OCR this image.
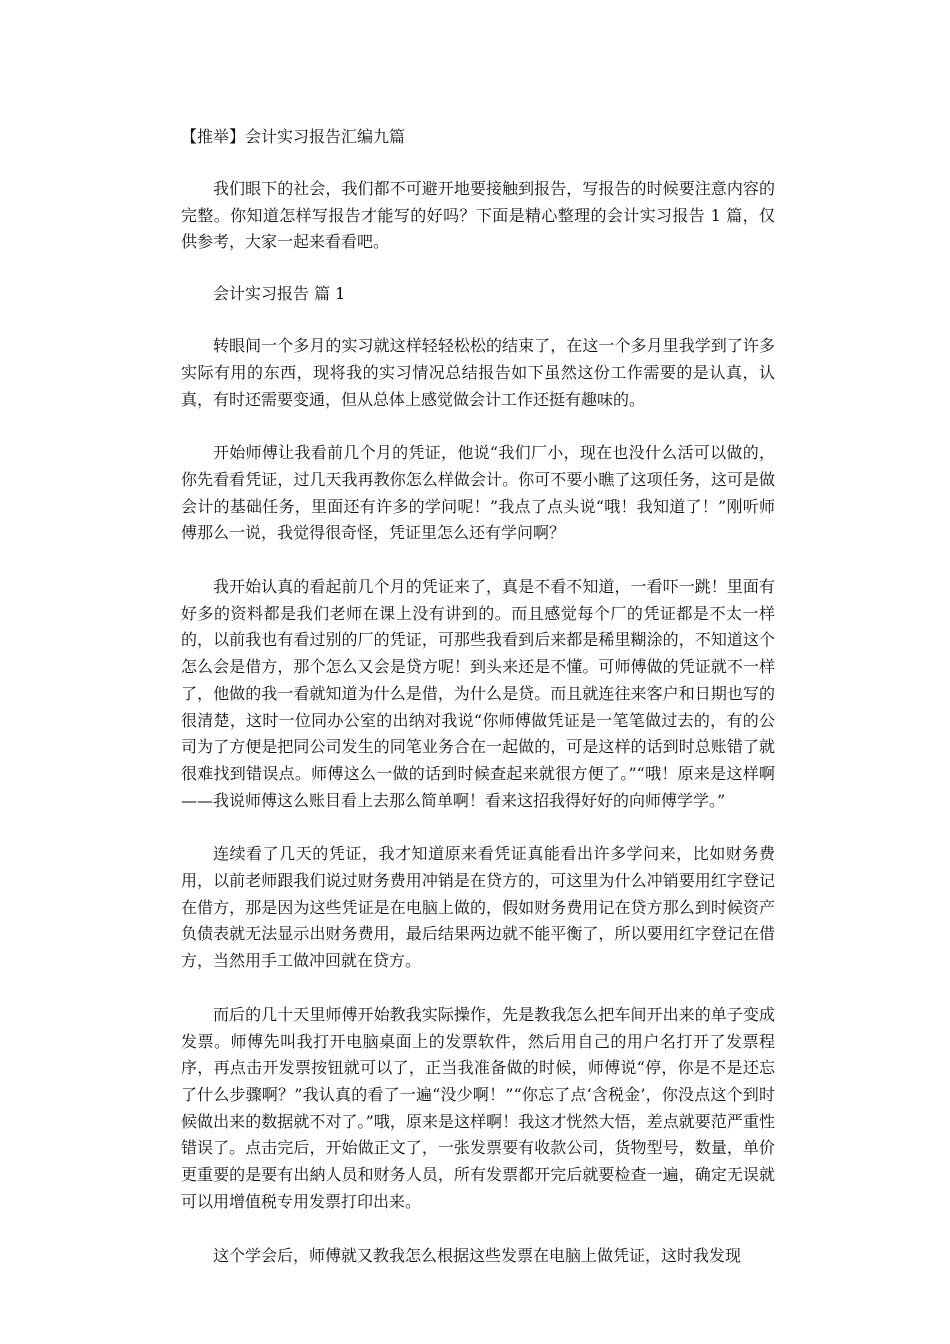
【推举】会计实习报告汇编九篇

我们眼下的社会，我们都不可避开地要接触到报告，写报告的时候要注意内容的完整。你知道怎样写报告才能写的好吗？下面是精心整理的会计实习报告 1 篇，仅供参考，大家一起来看看吧。

会计实习报告 篇 1

转眼间一个多月的实习就这样轻轻松松的结束了，在这一个多月里我学到了许多实际有用的东西，现将我的实习情况总结报告如下虽然这份工作需要的是认真，认真，有时还需要变通，但从总体上感觉做会计工作还挺有趣味的。

开始师傅让我看前几个月的凭证，他说“我们厂小，现在也没什么活可以做的，你先看看凭证，过几天我再教你怎么样做会计。你可不要小瞧了这项任务，这可是做会计的基础任务，里面还有许多的学问呢！”我点了点头说“哦！我知道了！”刚听师傅那么一说，我觉得很奇怪，凭证里怎么还有学问啊？

我开始认真的看起前几个月的凭证来了，真是不看不知道，一看吓一跳！里面有好多的资料都是我们老师在课上没有讲到的。而且感觉每个厂的凭证都是不太一样的，以前我也有看过别的厂的凭证，可那些我看到后来都是稀里糊涂的，不知道这个怎么会是借方，那个怎么又会是贷方呢！到头来还是不懂。可师傅做的凭证就不一样了，他做的我一看就知道为什么是借，为什么是贷。而且就连往来客户和日期也写的很清楚，这时一位同办公室的出纳对我说“你师傅做凭证是一笔笔做过去的，有的公司为了方便是把同公司发生的同笔业务合在一起做的，可是这样的话到时总账错了就很难找到错误点。师傅这么一做的话到时候查起来就很方便了。”“哦！原来是这样啊——我说师傅这么账目看上去那么简单啊！看来这招我得好好的向师傅学学。”

连续看了几天的凭证，我才知道原来看凭证真能看出许多学问来，比如财务费用，以前老师跟我们说过财务费用冲销是在贷方的，可这里为什么冲销要用红字登记在借方，那是因为这些凭证是在电脑上做的，假如财务费用记在贷方那么到时候资产负债表就无法显示出财务费用，最后结果两边就不能平衡了，所以要用红字登记在借方，当然用手工做冲回就在贷方。

而后的几十天里师傅开始教我实际操作，先是教我怎么把车间开出来的单子变成发票。师傅先叫我打开电脑桌面上的发票软件，然后用自己的用户名打开了发票程序，再点击开发票按钮就可以了，正当我准备做的时候，师傅说“停，你是不是还忘了什么步骤啊？”我认真的看了一遍“没少啊！”“你忘了点‘含税金’，你没点这个到时候做出来的数据就不对了。”哦，原来是这样啊！我这才恍然大悟，差点就要范严重性错误了。点击完后，开始做正文了，一张发票要有收款公司，货物型号，数量，单价更重要的是要有出納人员和财务人员，所有发票都开完后就要检查一遍，确定无误就可以用增值税专用发票打印出来。

这个学会后，师傅就又教我怎么根据这些发票在电脑上做凭证，这时我发现
